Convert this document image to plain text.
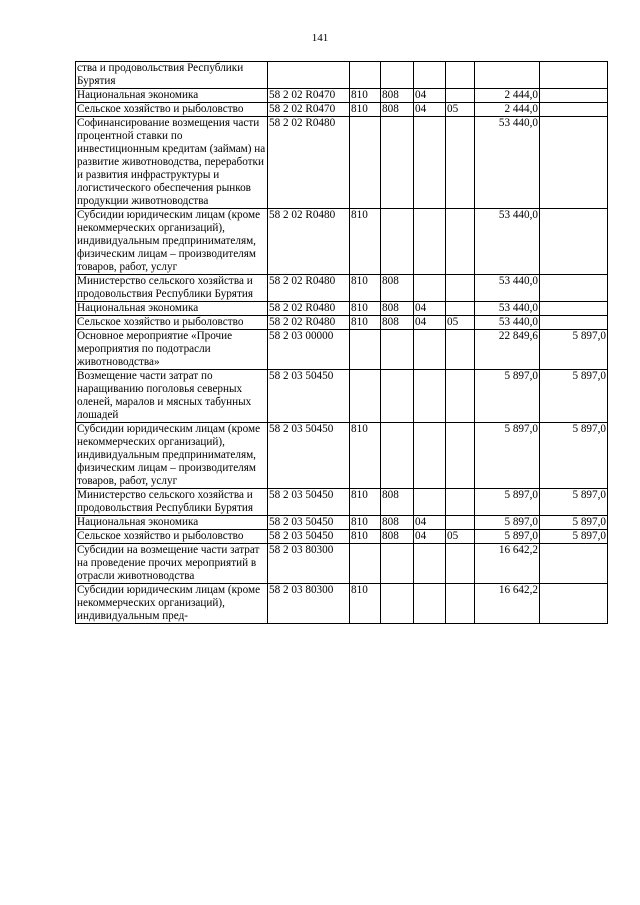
141
ства и продовольствия Республики Бурятия							
Национальная экономика	58 2 02 R0470	810	808	04		2 444,0	
Сельское хозяйство и рыболовство	58 2 02 R0470	810	808	04	05	2 444,0	
Софинансирование возмещения части процентной ставки по инвестиционным кредитам (займам) на развитие животноводства, переработки и развития инфраструктуры и логистического обеспечения рынков продукции животноводства	58 2 02 R0480					53 440,0	
Субсидии юридическим лицам (кроме некоммерческих организаций), индивидуальным предпринимателям, физическим лицам – производителям товаров, работ, услуг	58 2 02 R0480	810				53 440,0	
Министерство сельского хозяйства и продовольствия Республики Бурятия	58 2 02 R0480	810	808			53 440,0	
Национальная экономика	58 2 02 R0480	810	808	04		53 440,0	
Сельское хозяйство и рыболовство	58 2 02 R0480	810	808	04	05	53 440,0	
Основное мероприятие «Прочие мероприятия по подотрасли животноводства»	58 2 03 00000					22 849,6	5 897,0
Возмещение части затрат по наращиванию поголовья северных оленей, маралов и мясных табунных лошадей	58 2 03 50450					5 897,0	5 897,0
Субсидии юридическим лицам (кроме некоммерческих организаций), индивидуальным предпринимателям, физическим лицам – производителям товаров, работ, услуг	58 2 03 50450	810				5 897,0	5 897,0
Министерство сельского хозяйства и продовольствия Республики Бурятия	58 2 03 50450	810	808			5 897,0	5 897,0
Национальная экономика	58 2 03 50450	810	808	04		5 897,0	5 897,0
Сельское хозяйство и рыболовство	58 2 03 50450	810	808	04	05	5 897,0	5 897,0
Субсидии на возмещение части затрат на проведение прочих мероприятий в отрасли животноводства	58 2 03 80300					16 642,2	
Субсидии юридическим лицам (кроме некоммерческих организаций), индивидуальным пред-	58 2 03 80300	810				16 642,2	
